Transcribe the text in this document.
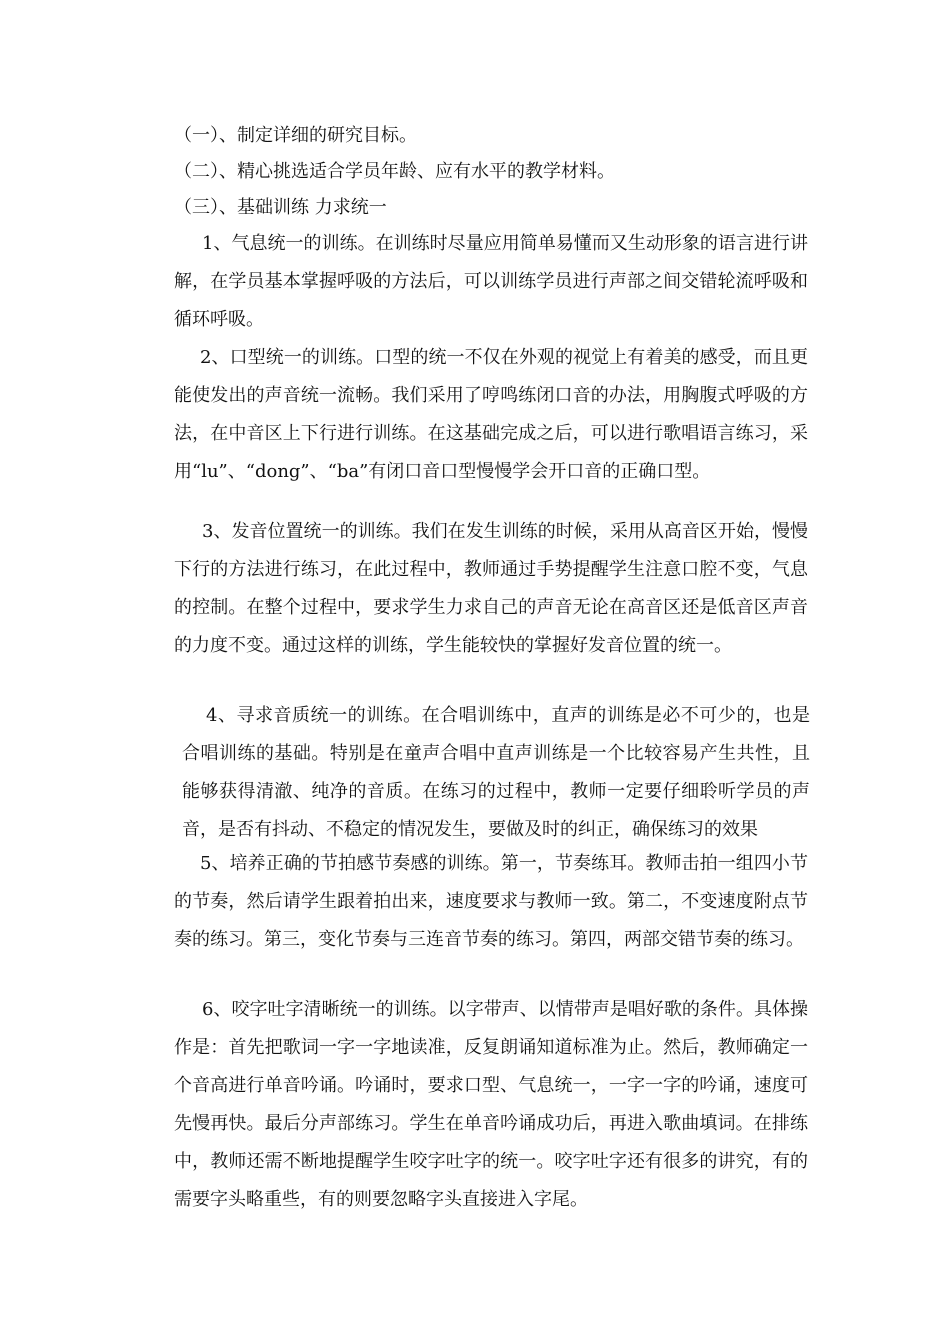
（一）、制定详细的研究目标。
（二）、精心挑选适合学员年龄、应有水平的教学材料。
（三）、基础训练 力求统一

1、气息统一的训练。在训练时尽量应用简单易懂而又生动形象的语言进行讲解，在学员基本掌握呼吸的方法后，可以训练学员进行声部之间交错轮流呼吸和循环呼吸。

2、口型统一的训练。口型的统一不仅在外观的视觉上有着美的感受，而且更能使发出的声音统一流畅。我们采用了哼鸣练闭口音的办法，用胸腹式呼吸的方法，在中音区上下行进行训练。在这基础完成之后，可以进行歌唱语言练习，采用“lu”、“dong”、“ba”有闭口音口型慢慢学会开口音的正确口型。

3、发音位置统一的训练。我们在发生训练的时候，采用从高音区开始，慢慢下行的方法进行练习，在此过程中，教师通过手势提醒学生注意口腔不变，气息的控制。在整个过程中，要求学生力求自己的声音无论在高音区还是低音区声音的力度不变。通过这样的训练，学生能较快的掌握好发音位置的统一。

4、寻求音质统一的训练。在合唱训练中，直声的训练是必不可少的，也是合唱训练的基础。特别是在童声合唱中直声训练是一个比较容易产生共性，且能够获得清澈、纯净的音质。在练习的过程中，教师一定要仔细聆听学员的声音，是否有抖动、不稳定的情况发生，要做及时的纠正，确保练习的效果

5、培养正确的节拍感节奏感的训练。第一，节奏练耳。教师击拍一组四小节的节奏，然后请学生跟着拍出来，速度要求与教师一致。第二，不变速度附点节奏的练习。第三，变化节奏与三连音节奏的练习。第四，两部交错节奏的练习。

6、咬字吐字清晰统一的训练。以字带声、以情带声是唱好歌的条件。具体操作是：首先把歌词一字一字地读准，反复朗诵知道标准为止。然后，教师确定一个音高进行单音吟诵。吟诵时，要求口型、气息统一，一字一字的吟诵，速度可先慢再快。最后分声部练习。学生在单音吟诵成功后，再进入歌曲填词。在排练中，教师还需不断地提醒学生咬字吐字的统一。咬字吐字还有很多的讲究，有的需要字头略重些，有的则要忽略字头直接进入字尾。
